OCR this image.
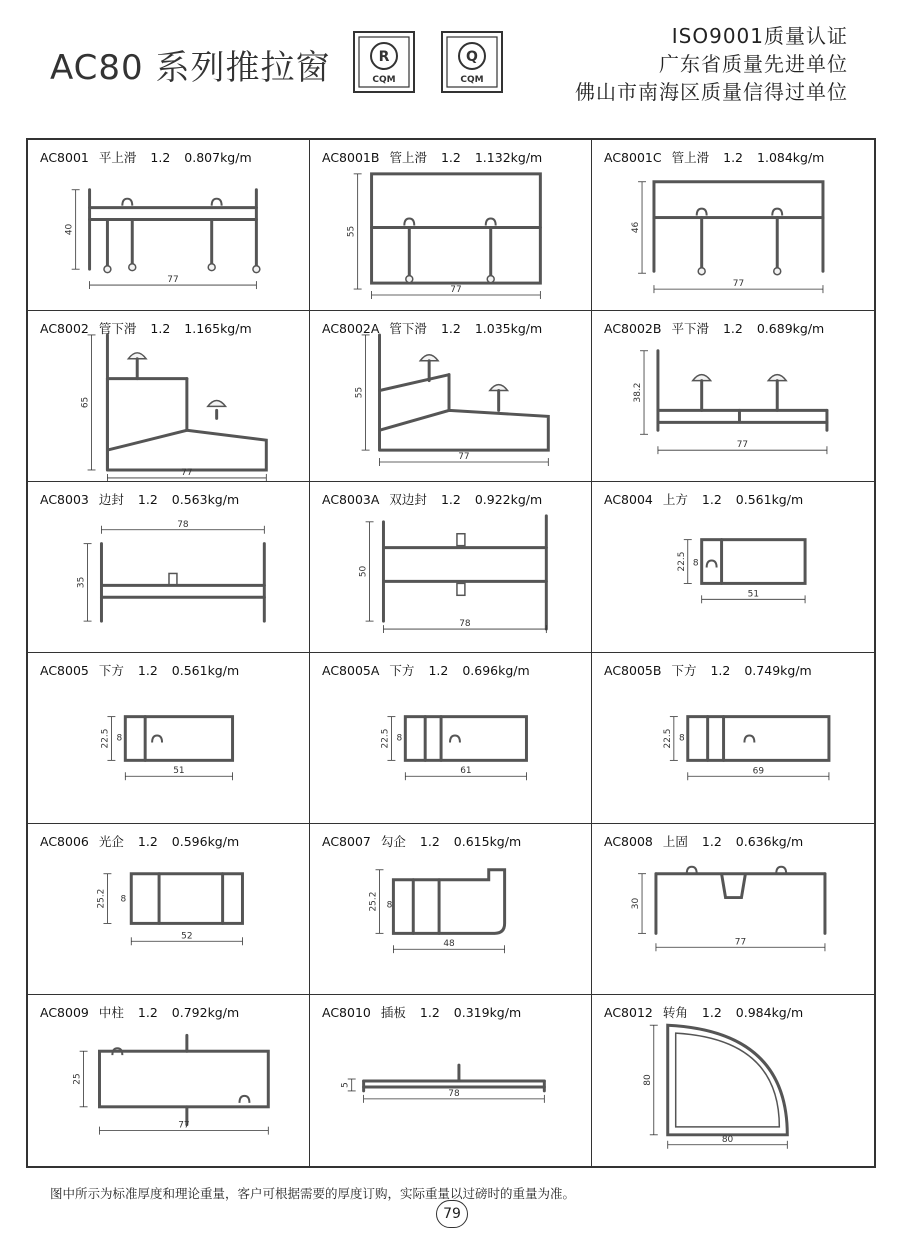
AC80 系列推拉窗	R
CQM
Q
CQM
ISO9001质量认证
广东省质量先进单位
佛山市南海区质量信得过单位
AC8001 平上滑 1.2 0.807kg/m
40
77
AC8001B 管上滑 1.2 1.132kg/m
55
77
AC8001C 管上滑 1.2 1.084kg/m
46
77
AC8002 管下滑 1.2 1.165kg/m
65
77
AC8002A 管下滑 1.2 1.035kg/m
55
77
AC8002B 平下滑 1.2 0.689kg/m
38.2
77
AC8003 边封 1.2 0.563kg/m
35
78
AC8003A 双边封 1.2 0.922kg/m
50
78
AC8004 上方 1.2 0.561kg/m
22.5 8
51
AC8005 下方 1.2 0.561kg/m
22.5 8
51
AC8005A 下方 1.2 0.696kg/m
22.5 8
61
AC8005B 下方 1.2 0.749kg/m
22.5 8
69
AC8006 光企 1.2 0.596kg/m
25.2 8
52
AC8007 勾企 1.2 0.615kg/m
25.2 8
48
AC8008 上固 1.2 0.636kg/m
30
77
AC8009 中柱 1.2 0.792kg/m
25
77
AC8010 插板 1.2 0.319kg/m
5
78
AC8012 转角 1.2 0.984kg/m
80
80
图中所示为标准厚度和理论重量，客户可根据需要的厚度订购，实际重量以过磅时的重量为准。
79
